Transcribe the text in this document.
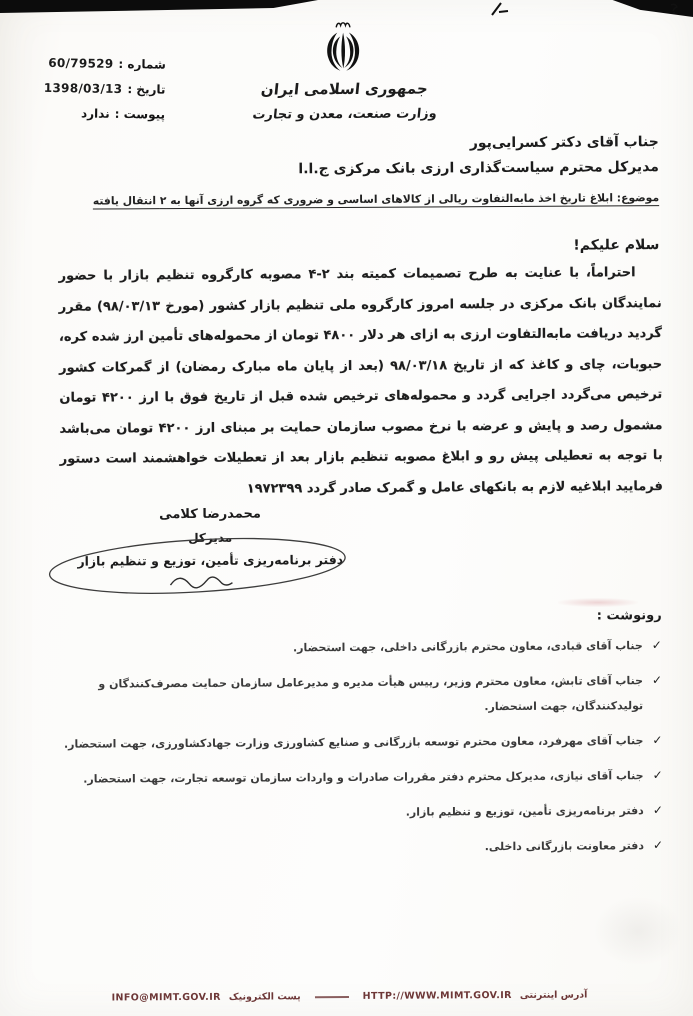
جمهوری اسلامی ایران
وزارت صنعت، معدن و تجارت
شماره :
60/79529
تاریخ :
1398/03/13
پیوست :
ندارد
جناب آقای دکتر کسرایی‌پور
مدیرکل محترم سیاست‌گذاری ارزی بانک مرکزی ج.ا.ا
موضوع: ابلاغ تاریخ اخذ مابه‌التفاوت ریالی از کالاهای اساسی و ضروری که گروه ارزی آنها به ۲ انتقال یافته
سلام علیکم!

احتراماً، با عنایت به طرح تصمیمات کمیته بند ۲-۴ مصوبه کارگروه تنظیم بازار با حضور نمایندگان بانک مرکزی در جلسه امروز کارگروه ملی تنظیم بازار کشور (مورخ ۹۸/۰۳/۱۳) مقرر گردید دریافت مابه‌التفاوت ارزی به ازای هر دلار ۴۸۰۰ تومان از محموله‌های تأمین ارز شده کره، حبوبات، چای و کاغذ که از تاریخ ۹۸/۰۳/۱۸ (بعد از پایان ماه مبارک رمضان) از گمرکات کشور ترخیص می‌گردد اجرایی گردد و محموله‌های ترخیص شده قبل از تاریخ فوق با ارز ۴۲۰۰ تومان مشمول رصد و پایش و عرضه با نرخ مصوب سازمان حمایت بر مبنای ارز ۴۲۰۰ تومان می‌باشد با توجه به تعطیلی پیش رو و ابلاغ مصوبه تنظیم بازار بعد از تعطیلات خواهشمند است دستور فرمایید ابلاغیه لازم به بانکهای عامل و گمرک صادر گردد ۱۹۷۲۳۹۹

محمدرضا کلامی
مدیرکل
دفتر برنامه‌ریزی تأمین، توزیع و تنظیم بازار
رونوشت :
✓
جناب آقای قبادی، معاون محترم بازرگانی داخلی، جهت استحضار.
✓
جناب آقای تابش، معاون محترم وزیر، رییس هیأت مدیره و مدیرعامل سازمان حمایت مصرف‌کنندگان و تولیدکنندگان، جهت استحضار.
✓
جناب آقای مهرفرد، معاون محترم توسعه بازرگانی و صنایع کشاورزی وزارت جهادکشاورزی، جهت استحضار.
✓
جناب آقای نیازی، مدیرکل محترم دفتر مقررات صادرات و واردات سازمان توسعه تجارت، جهت استحضار.
✓
دفتر برنامه‌ریزی تأمین، توزیع و تنظیم بازار.
✓
دفتر معاونت بازرگانی داخلی.
آدرس اینترنتی
HTTP://WWW.MIMT.GOV.IR
پست الکترونیک
INFO@MIMT.GOV.IR
